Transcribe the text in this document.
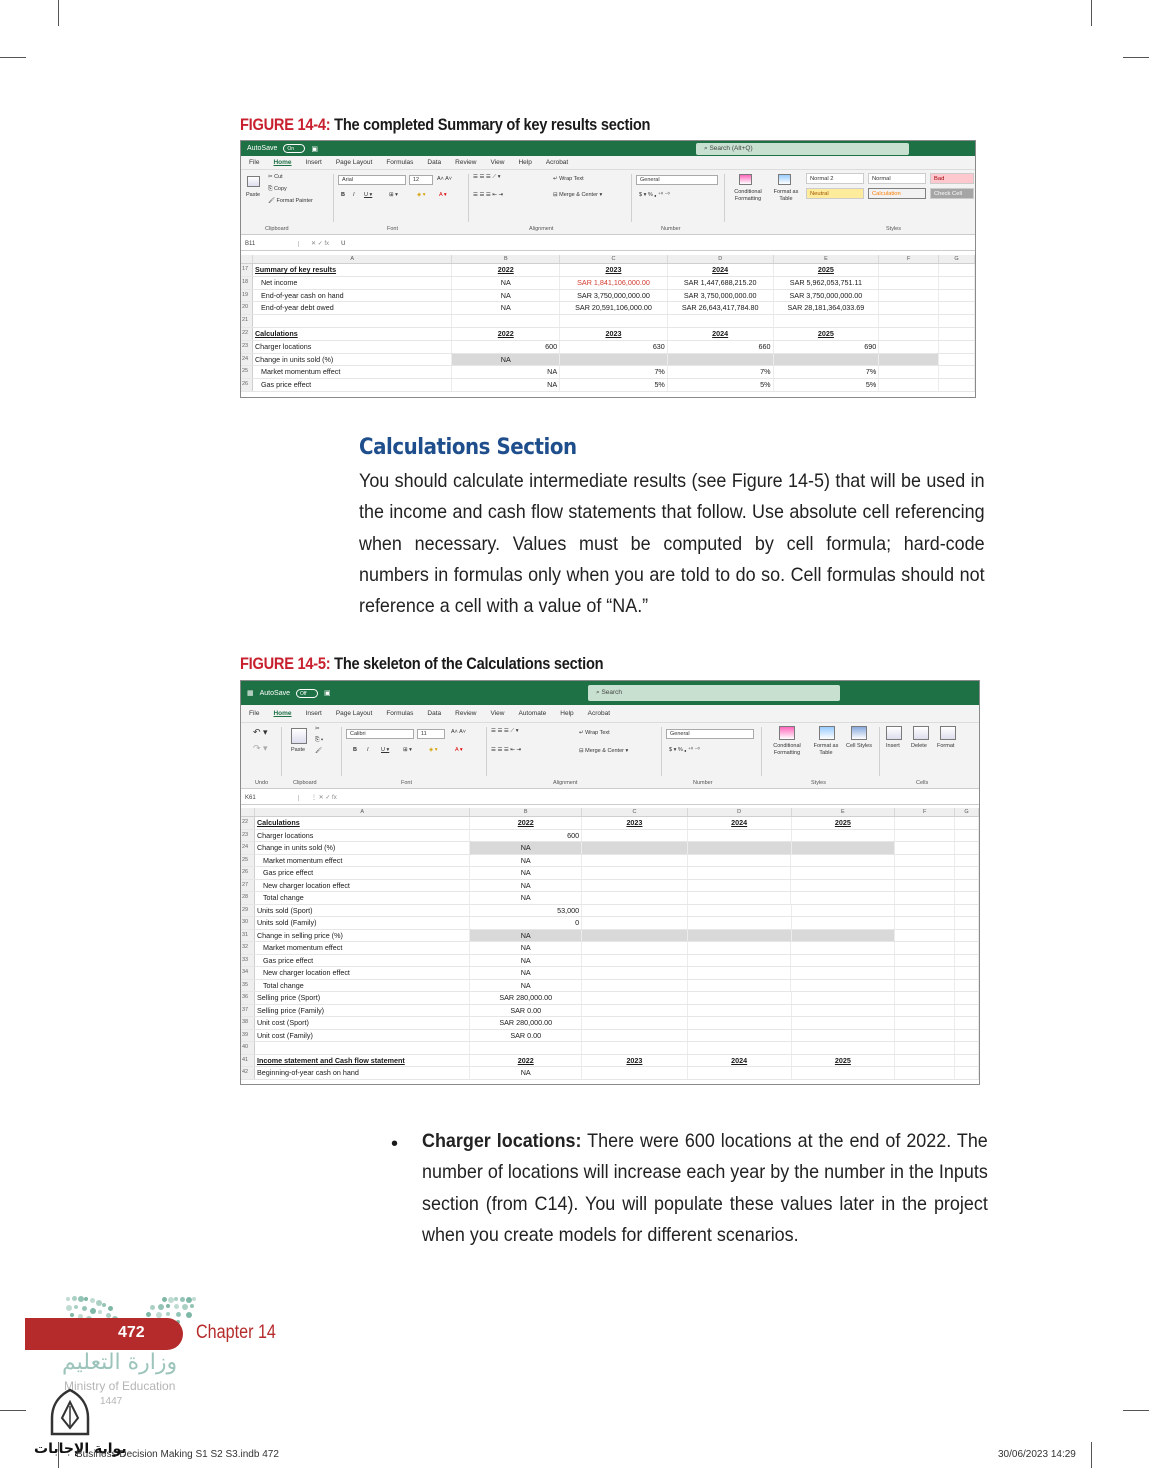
FIGURE 14-4: The completed Summary of key results section
AutoSave	On	▣	⌕ Search (Alt+Q)
File Home Insert Page Layout Formulas Data Review View Help Acrobat
Paste
✂ Cut
⎘ Copy
🖌 Format Painter
Arial	12	A˄ A˅
B I U ▾	⊞ ▾	◈ ▾ A ▾
☰ ☰ ☰ ⟋ ▾
☰ ☰ ☰ ⇤ ⇥
↵ Wrap Text
⊟ Merge & Center ▾
General
$ ▾ % ❟ ⁺⁰ ⁻⁰	Conditional Formatting
Format as Table
Normal 2	Normal	Bad
Neutral	Calculation	Check Cell
Clipboard	Font	Alignment	Number	Styles
B11	✕ ✓ fx	U
A	B	C	D	E	F	G
17 Summary of key results	2022	2023	2024	2025
18	Net income	NA	SAR 1,841,106,000.00	SAR 1,447,688,215.20	SAR 5,962,053,751.11
19	End-of-year cash on hand	NA	SAR 3,750,000,000.00	SAR 3,750,000,000.00	SAR 3,750,000,000.00
20	End-of-year debt owed	NA	SAR 20,591,106,000.00	SAR 26,643,417,784.80	SAR 28,181,364,033.69
21
22 Calculations	2022	2023	2024	2025
23 Charger locations	600	630	660	690
24 Change in units sold (%)	NA
25	Market momentum effect	NA	7%	7%	7%
26	Gas price effect	NA	5%	5%	5%
Calculations Section
You should calculate intermediate results (see Figure 14-5) that will be used in the income and cash flow statements that follow. Use absolute cell referencing when necessary. Values must be computed by cell formula; hard-code numbers in formulas only when you are told to do so. Cell formulas should not reference a cell with a value of “NA.”
FIGURE 14-5: The skeleton of the Calculations section
▦ AutoSave	Off	▣	⌕ Search
File Home Insert Page Layout Formulas Data Review View Automate Help Acrobat
↶ ▾
↷ ▾
Undo
Paste
✂
⎘ ▾
🖌
Clipboard
Calibri	11	A˄ A˅
B I U ▾ ⊞ ▾	◈ ▾	A ▾
Font
☰ ☰ ☰ ⟋ ▾
☰ ☰ ☰ ⇤ ⇥
↵ Wrap Text
⊟ Merge & Center ▾
Alignment
General
$ ▾ % ❟ ⁺⁰ ⁻⁰
Number
Conditional Formatting
Format as Table
Cell Styles
Styles
Insert Delete Format
Cells
K61	⋮ ✕ ✓ fx
A	B	C	D	E	F	G
22	Calculations	2022	2023	2024	2025
23	Charger locations	600
24	Change in units sold (%)	NA
25	Market momentum effect	NA
26	Gas price effect	NA
27	New charger location effect	NA
28	Total change	NA
29	Units sold (Sport)	53,000
30	Units sold (Family)	0
31	Change in selling price (%)	NA
32	Market momentum effect	NA
33	Gas price effect	NA
34	New charger location effect	NA
35	Total change	NA
36	Selling price (Sport)	SAR 280,000.00
37	Selling price (Family)	SAR 0.00
38	Unit cost (Sport)	SAR 280,000.00
39	Unit cost (Family)	SAR 0.00
40
41	Income statement and Cash flow statement	2022	2023	2024	2025
42	Beginning-of-year cash on hand	NA
• Charger locations: There were 600 locations at the end of 2022. The number of locations will increase each year by the number in the Inputs section (from C14). You will populate these values later in the project when you create models for different scenarios.
472	Chapter 14
وزارة التعليم
Ministry of Education
1447
بوابة الإجابات
Business Decision Making S1 S2 S3.indb 472	30/06/2023 14:29
